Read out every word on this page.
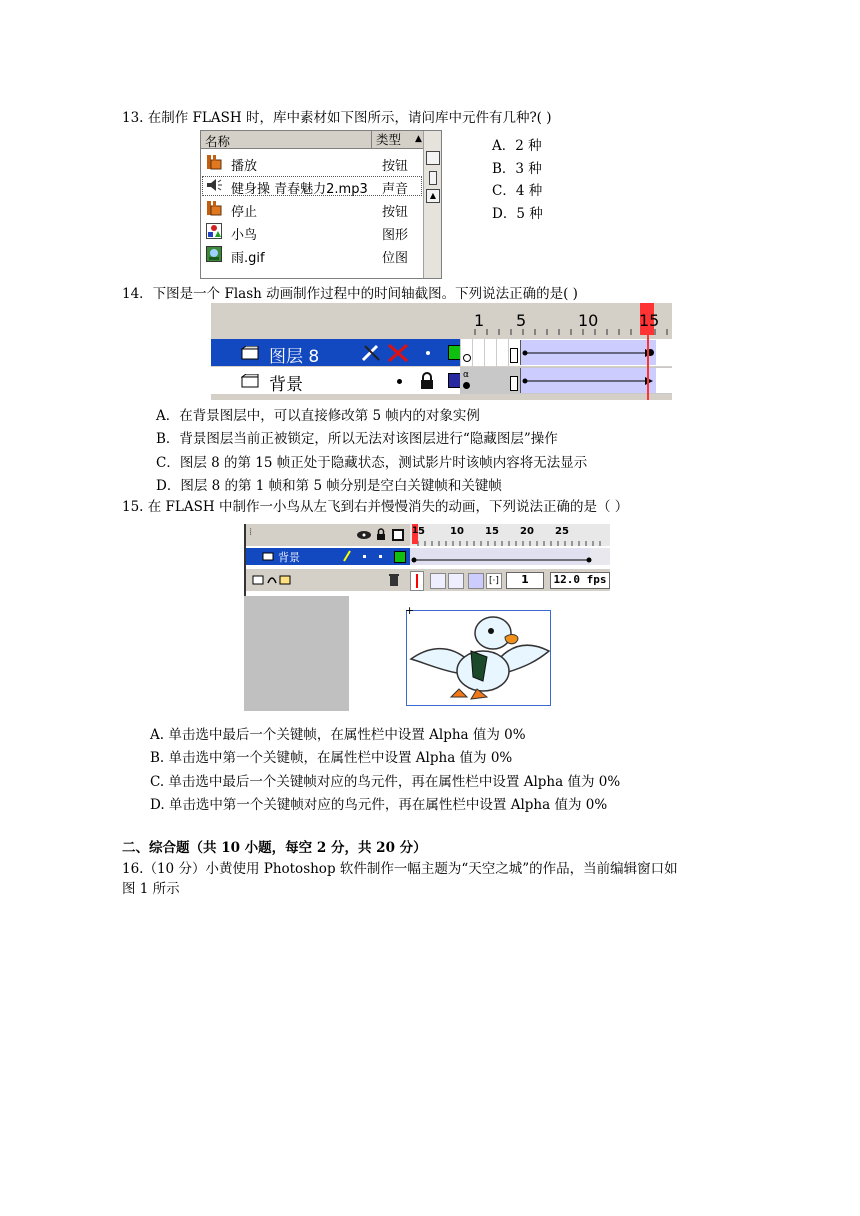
13. 在制作 FLASH 时，库中素材如下图所示，请问库中元件有几种?( )
名称	类型	▲
▲
播放	按钮
健身操 青春魅力2.mp3 声音
停止	按钮
小鸟	图形
雨.gif	位图
A．2 种
B．3 种
C．4 种
D．5 种
14．下图是一个 Flash 动画制作过程中的时间轴截图。下列说法正确的是( )
1 5	10
图层 8
背景	α
15
A．在背景图层中，可以直接修改第 5 帧内的对象实例
B．背景图层当前正被锁定，所以无法对该图层进行“隐藏图层”操作
C．图层 8 的第 15 帧正处于隐藏状态，测试影片时该帧内容将无法显示
D．图层 8 的第 1 帧和第 5 帧分别是空白关键帧和关键帧
15. 在 FLASH 中制作一小鸟从左飞到右并慢慢消失的动画，下列说法正确的是（ ）
⁞	5	10 15 20 25
1
背景
[·]	1	12.0 fps
+
A. 单击选中最后一个关键帧，在属性栏中设置 Alpha 值为 0%
B. 单击选中第一个关键帧，在属性栏中设置 Alpha 值为 0%
C. 单击选中最后一个关键帧对应的鸟元件，再在属性栏中设置 Alpha 值为 0%
D. 单击选中第一个关键帧对应的鸟元件，再在属性栏中设置 Alpha 值为 0%
二、综合题（共 10 小题，每空 2 分，共 20 分）
16.（10 分）小黄使用 Photoshop 软件制作一幅主题为“天空之城”的作品，当前编辑窗口如
图 1 所示
